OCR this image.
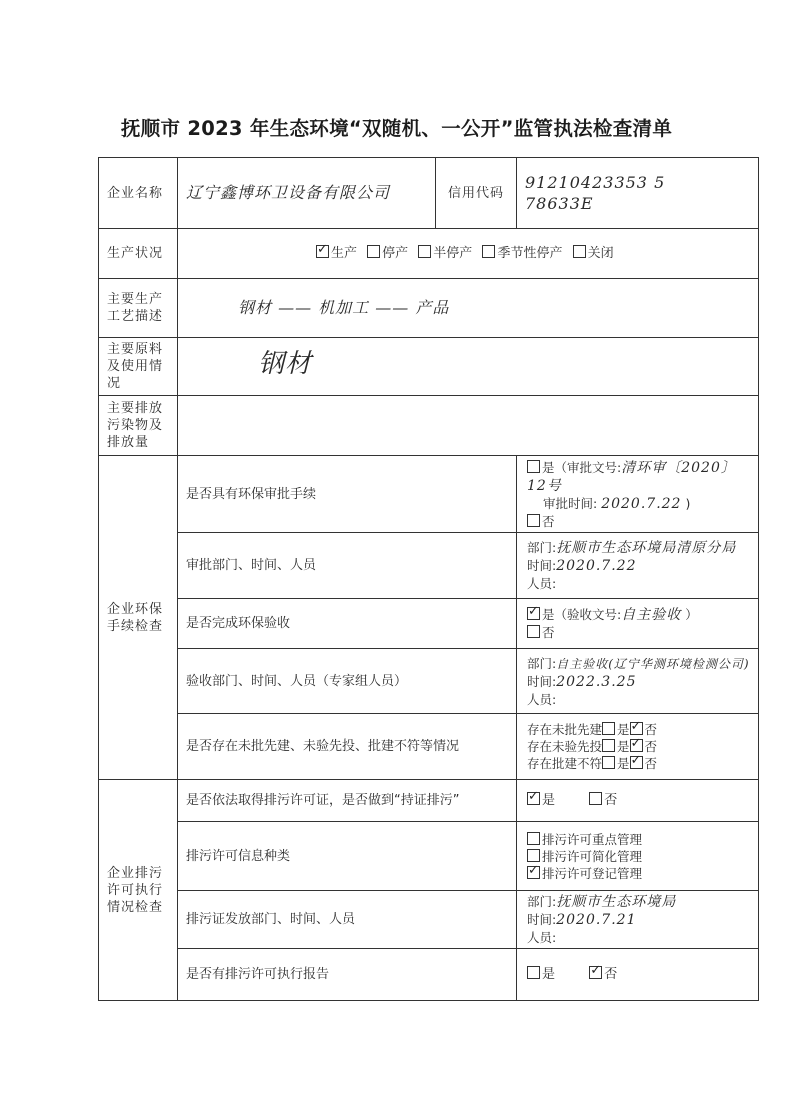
抚顺市 2023 年生态环境“双随机、一公开”监管执法检查清单
企业名称	辽宁鑫博环卫设备有限公司	信用代码	91210423353 5
78633E

生产状况	✓生产 停产 半停产 季节性停产 关闭
主要生产工艺描述	钢材 —— 机加工 —— 产品		
主要原料及使用情况	钢材		
主要排放污染物及排放量			
企业环保手续检查	是否具有环保审批手续		是（审批文号:清环审〔2020〕12号
审批时间: 2020.7.22 )
否

	审批部门、时间、人员		部门:抚顺市生态环境局清原分局
时间:2020.7.22
人员:

	是否完成环保验收	
✓是（验收文号:自主验收 ）
否

	验收部门、时间、人员（专家组人员）		部门:自主验收(辽宁华测环境检测公司)
时间:2022.3.25
人员:

	是否存在未批先建、未验先投、批建不符等情况		存在未批先建 是 ✓ 否
存在未验先投 是 ✓ 否
存在批建不符 是 ✓ 否

企业排污许可执行情况检查	是否依法取得排污许可证，是否做到“持证排污”	✓是 否
	排污许可信息种类		排污许可重点管理
排污许可简化管理
✓排污许可登记管理

	排污证发放部门、时间、人员		部门:抚顺市生态环境局
时间:2020.7.21
人员:

	是否有排污许可执行报告		是 ✓ 否
